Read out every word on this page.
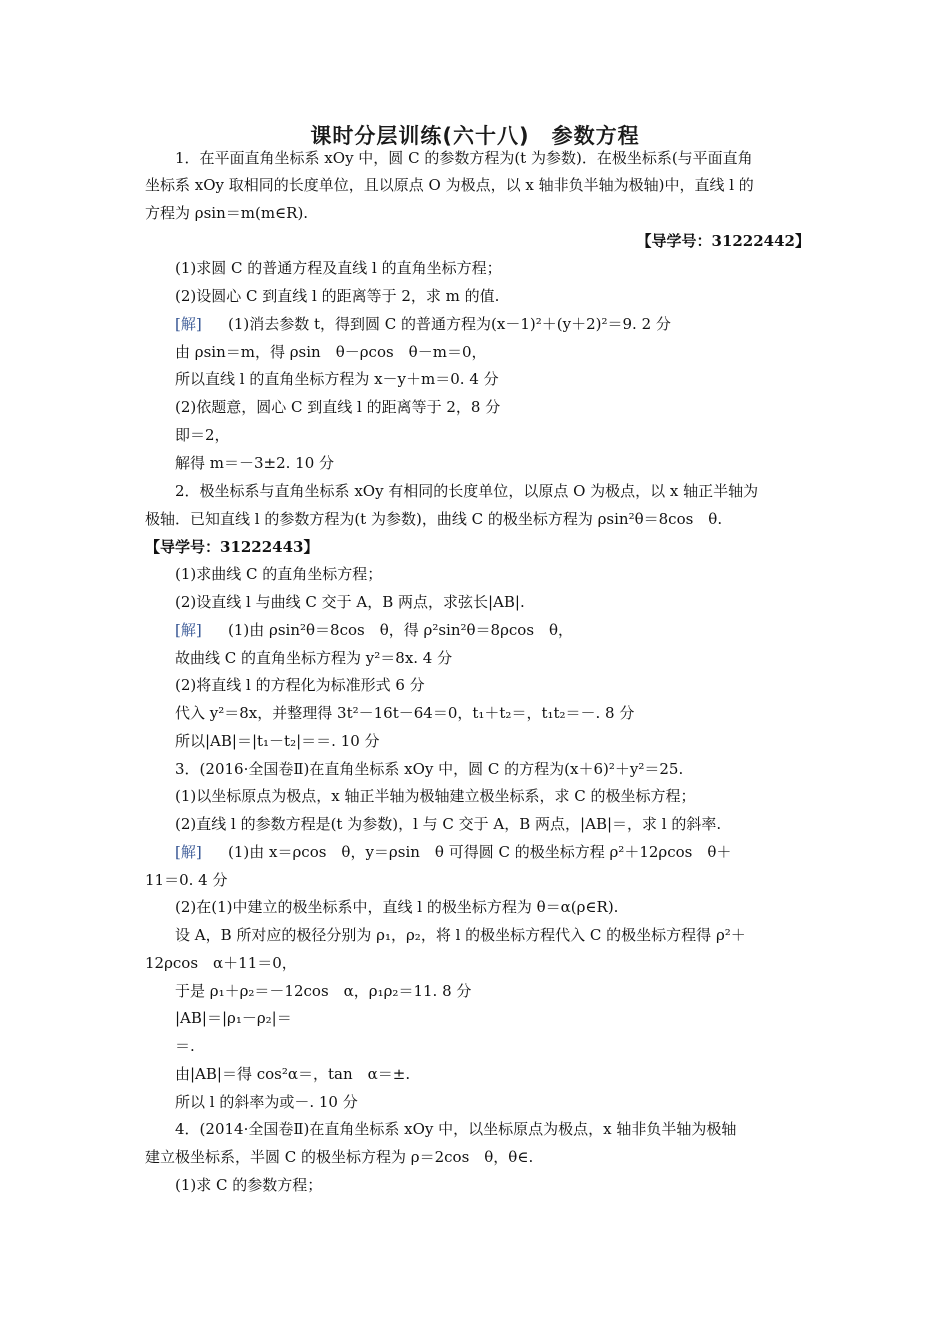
课时分层训练(六十八)　参数方程
1．在平面直角坐标系 xOy 中，圆 C 的参数方程为(t 为参数)．在极坐标系(与平面直角
坐标系 xOy 取相同的长度单位，且以原点 O 为极点，以 x 轴非负半轴为极轴)中，直线 l 的
方程为 ρsin＝m(m∈R).
【导学号：31222442】
(1)求圆 C 的普通方程及直线 l 的直角坐标方程；
(2)设圆心 C 到直线 l 的距离等于 2，求 m 的值.
[解] (1)消去参数 t，得到圆 C 的普通方程为(x－1)²＋(y＋2)²＝9. 2 分
由 ρsin＝m，得 ρsin　θ－ρcos　θ－m＝0，
所以直线 l 的直角坐标方程为 x－y＋m＝0. 4 分
(2)依题意，圆心 C 到直线 l 的距离等于 2，8 分
即＝2，
解得 m＝－3±2. 10 分
2．极坐标系与直角坐标系 xOy 有相同的长度单位，以原点 O 为极点，以 x 轴正半轴为
极轴．已知直线 l 的参数方程为(t 为参数)，曲线 C 的极坐标方程为 ρsin²θ＝8cos　θ.
【导学号：31222443】
(1)求曲线 C 的直角坐标方程；
(2)设直线 l 与曲线 C 交于 A，B 两点，求弦长|AB|.
[解] (1)由 ρsin²θ＝8cos　θ，得 ρ²sin²θ＝8ρcos　θ，
故曲线 C 的直角坐标方程为 y²＝8x. 4 分
(2)将直线 l 的方程化为标准形式 6 分
代入 y²＝8x，并整理得 3t²－16t－64＝0，t₁＋t₂＝，t₁t₂＝－. 8 分
所以|AB|＝|t₁－t₂|＝＝. 10 分
3．(2016·全国卷Ⅱ)在直角坐标系 xOy 中，圆 C 的方程为(x＋6)²＋y²＝25.
(1)以坐标原点为极点，x 轴正半轴为极轴建立极坐标系，求 C 的极坐标方程；
(2)直线 l 的参数方程是(t 为参数)，l 与 C 交于 A，B 两点，|AB|＝，求 l 的斜率.
[解] (1)由 x＝ρcos　θ，y＝ρsin　θ 可得圆 C 的极坐标方程 ρ²＋12ρcos　θ＋
11＝0. 4 分
(2)在(1)中建立的极坐标系中，直线 l 的极坐标方程为 θ＝α(ρ∈R).
设 A，B 所对应的极径分别为 ρ₁，ρ₂，将 l 的极坐标方程代入 C 的极坐标方程得 ρ²＋
12ρcos　α＋11＝0，
于是 ρ₁＋ρ₂＝－12cos　α，ρ₁ρ₂＝11. 8 分
|AB|＝|ρ₁－ρ₂|＝
＝.
由|AB|＝得 cos²α＝，tan　α＝±.
所以 l 的斜率为或－. 10 分
4．(2014·全国卷Ⅱ)在直角坐标系 xOy 中，以坐标原点为极点，x 轴非负半轴为极轴
建立极坐标系，半圆 C 的极坐标方程为 ρ＝2cos　θ，θ∈.
(1)求 C 的参数方程；
